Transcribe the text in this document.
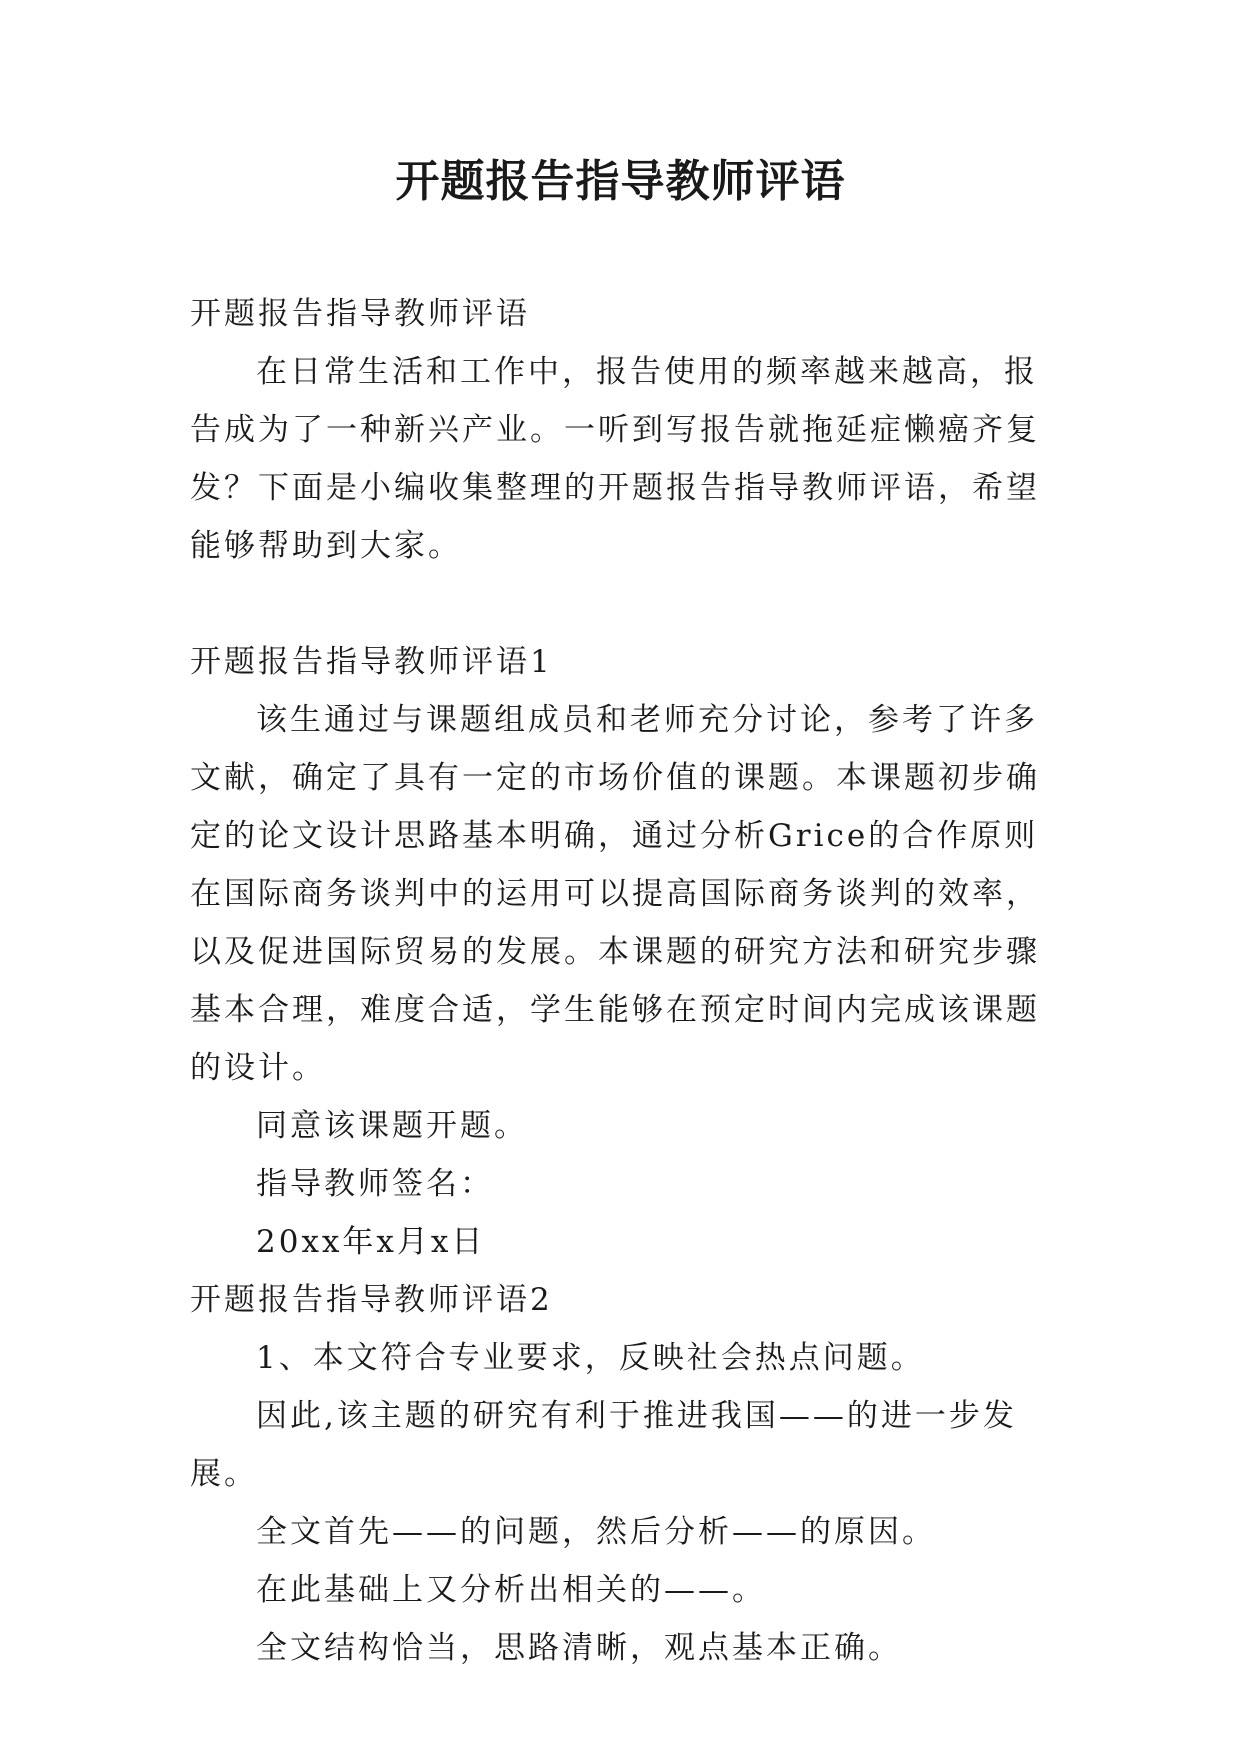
开题报告指导教师评语

开题报告指导教师评语

在日常生活和工作中，报告使用的频率越来越高，报告成为了一种新兴产业。一听到写报告就拖延症懒癌齐复发？下面是小编收集整理的开题报告指导教师评语，希望能够帮助到大家。

开题报告指导教师评语1

该生通过与课题组成员和老师充分讨论，参考了许多文献，确定了具有一定的市场价值的课题。本课题初步确定的论文设计思路基本明确，通过分析Grice的合作原则在国际商务谈判中的运用可以提高国际商务谈判的效率，以及促进国际贸易的发展。本课题的研究方法和研究步骤基本合理，难度合适，学生能够在预定时间内完成该课题的设计。

同意该课题开题。

指导教师签名：

20xx年x月x日

开题报告指导教师评语2

1、本文符合专业要求，反映社会热点问题。

因此,该主题的研究有利于推进我国——的进一步发展。

全文首先——的问题，然后分析——的原因。

在此基础上又分析出相关的——。

全文结构恰当，思路清晰，观点基本正确。
